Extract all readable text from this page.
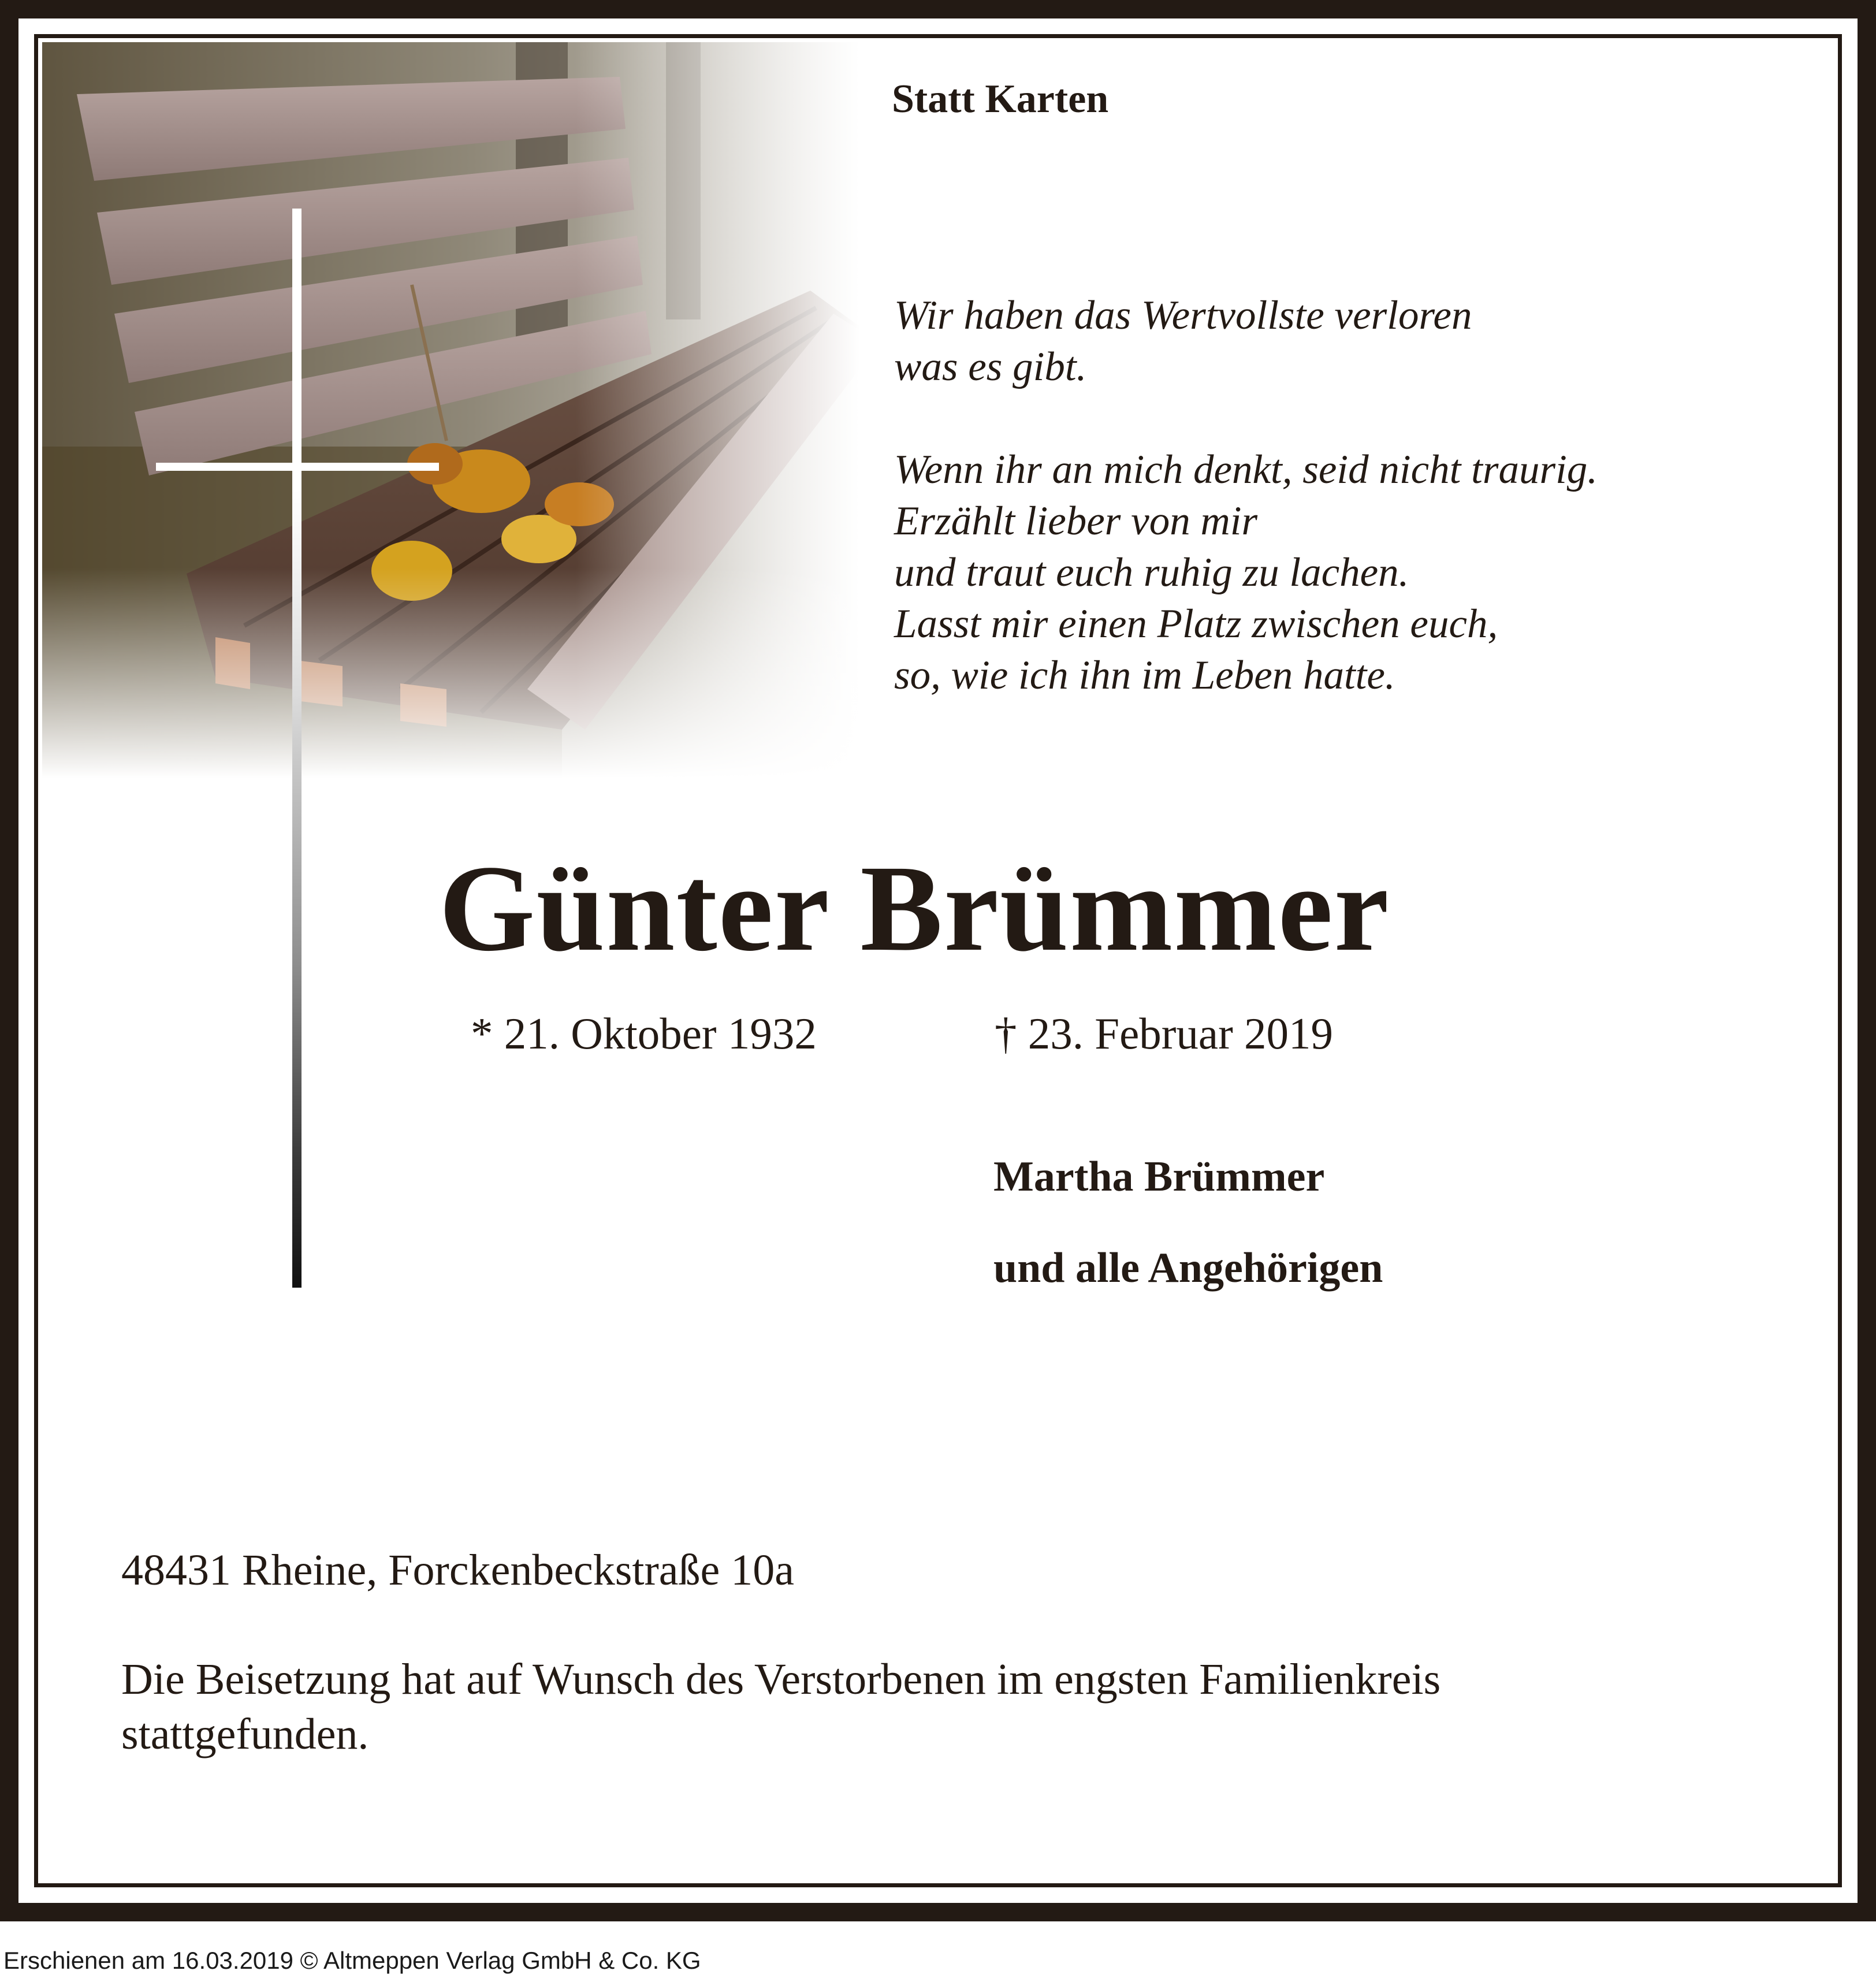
Statt Karten
Wir haben das Wertvollste verloren
was es gibt.
Wenn ihr an mich denkt, seid nicht traurig.
Erzählt lieber von mir
und traut euch ruhig zu lachen.
Lasst mir einen Platz zwischen euch,
so, wie ich ihn im Leben hatte.
Günter Brümmer
* 21. Oktober 1932	† 23. Februar 2019
Martha Brümmer
und alle Angehörigen
48431 Rheine, Forckenbeckstraße 10a
Die Beisetzung hat auf Wunsch des Verstorbenen im engsten Familienkreis
stattgefunden.
Erschienen am 16.03.2019 © Altmeppen Verlag GmbH & Co. KG
